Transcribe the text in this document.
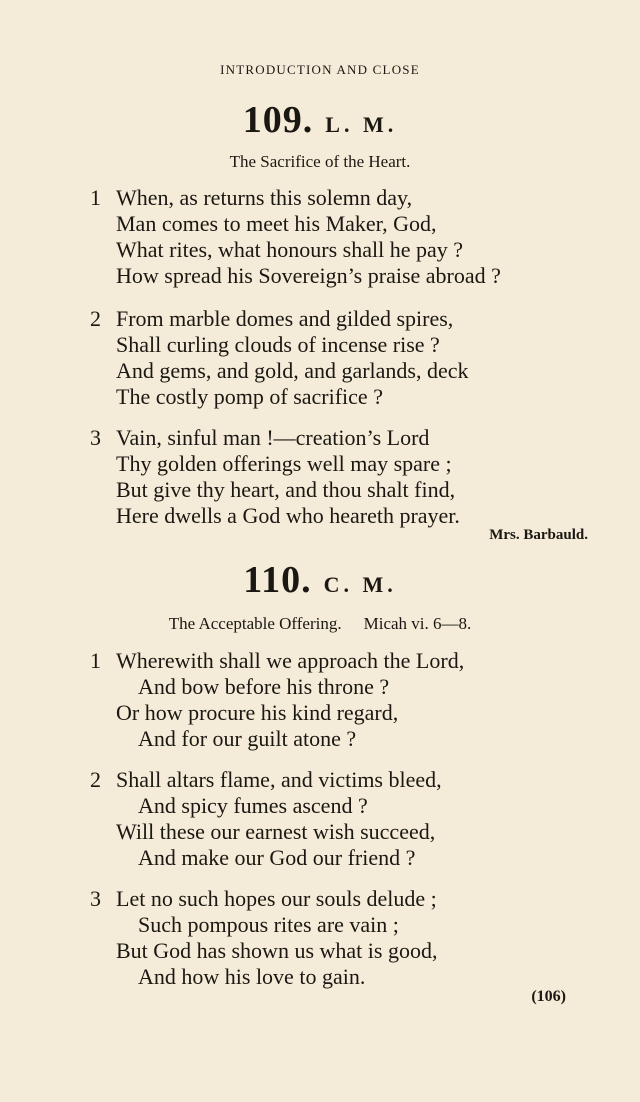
INTRODUCTION AND CLOSE
109. L. M.
The Sacrifice of the Heart.
1 When, as returns this solemn day,
Man comes to meet his Maker, God,
What rites, what honours shall he pay ?
How spread his Sovereign’s praise abroad ?
2 From marble domes and gilded spires,
Shall curling clouds of incense rise ?
And gems, and gold, and garlands, deck
The costly pomp of sacrifice ?
3 Vain, sinful man !—creation’s Lord
Thy golden offerings well may spare ;
But give thy heart, and thou shalt find,
Here dwells a God who heareth prayer.
Mrs. Barbauld.
110. C. M.
The Acceptable Offering. Micah vi. 6—8.
1 Wherewith shall we approach the Lord,
And bow before his throne ?
Or how procure his kind regard,
And for our guilt atone ?
2 Shall altars flame, and victims bleed,
And spicy fumes ascend ?
Will these our earnest wish succeed,
And make our God our friend ?
3 Let no such hopes our souls delude ;
Such pompous rites are vain ;
But God has shown us what is good,
And how his love to gain.
(106)
